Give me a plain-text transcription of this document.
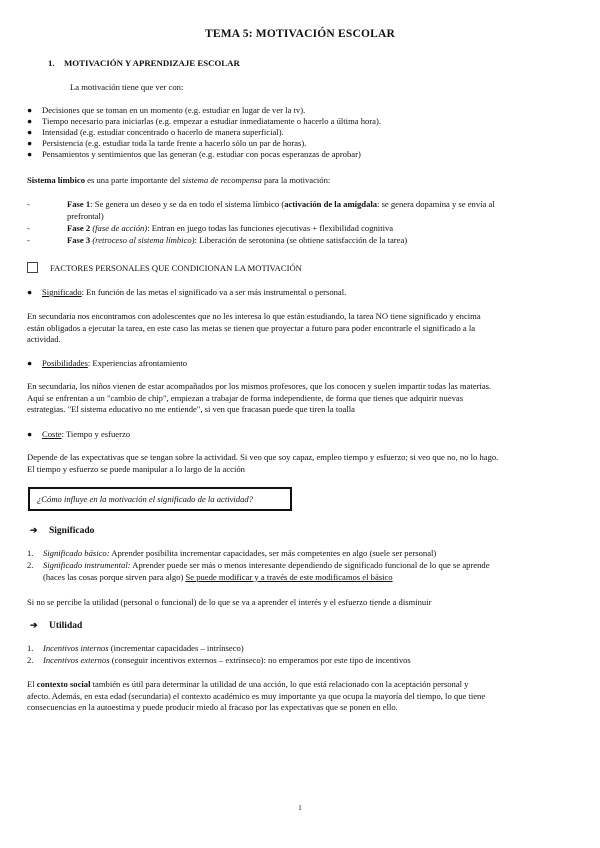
TEMA 5: MOTIVACIÓN ESCOLAR
1. MOTIVACIÓN Y APRENDIZAJE ESCOLAR
La motivación tiene que ver con:
● Decisiones que se toman en un momento (e.g. estudiar en lugar de ver la tv).
● Tiempo necesario para iniciarlas (e.g. empezar a estudiar inmediatamente o hacerlo a última hora).
● Intensidad (e.g. estudiar concentrado o hacerlo de manera superficial).
● Persistencia (e.g. estudiar toda la tarde frente a hacerlo sólo un par de horas).
● Pensamientos y sentimientos que las generan (e.g. estudiar con pocas esperanzas de aprobar)
Sistema límbico es una parte importante del sistema de recompensa para la motivación:
-	Fase 1: Se genera un deseo y se da en todo el sistema límbico (activación de la amígdala: se genera dopamina y se envía al
prefrontal)
-	Fase 2 (fase de acción): Entran en juego todas las funciones ejecutivas + flexibilidad cognitiva
-	Fase 3 (retroceso al sistema límbico): Liberación de serotonina (se obtiene satisfacción de la tarea)
FACTORES PERSONALES QUE CONDICIONAN LA MOTIVACIÓN
● Significado: En función de las metas el significado va a ser más instrumental o personal.
En secundaria nos encontramos con adolescentes que no les interesa lo que están estudiando, la tarea NO tiene significado y encima
están obligados a ejecutar la tarea, en este caso las metas se tienen que proyectar a futuro para poder encontrarle el significado a la
actividad.
● Posibilidades: Experiencias afrontamiento
En secundaria, los niños vienen de estar acompañados por los mismos profesores, que los conocen y suelen impartir todas las materias.
Aquí se enfrentan a un "cambio de chip", empiezan a trabajar de forma independiente, de forma que tienes que adquirir nuevas
estrategias. "El sistema educativo no me entiende", si ven que fracasan puede que tiren la toalla
● Coste: Tiempo y esfuerzo
Depende de las expectativas que se tengan sobre la actividad. Si veo que soy capaz, empleo tiempo y esfuerzo; si veo que no, no lo hago.
El tiempo y esfuerzo se puede manipular a lo largo de la acción
¿Cómo influye en la motivación el significado de la actividad?
➔ Significado
1. Significado básico: Aprender posibilita incrementar capacidades, ser más competentes en algo (suele ser personal)
2. Significado instrumental: Aprender puede ser más o menos interesante dependiendo de significado funcional de lo que se aprende
(haces las cosas porque sirven para algo) Se puede modificar y a través de este modificamos el básico
Si no se percibe la utilidad (personal o funcional) de lo que se va a aprender el interés y el esfuerzo tiende a disminuir
➔ Utilidad
1. Incentivos internos (incrementar capacidades – intrínseco)
2. Incentivos externos (conseguir incentivos externos – extrínseco): no emperamos por este tipo de incentivos
El contexto social también es útil para determinar la utilidad de una acción, lo que está relacionado con la aceptación personal y
afecto. Además, en esta edad (secundaria) el contexto académico es muy importante ya que ocupa la mayoría del tiempo, lo que tiene
consecuencias en la autoestima y puede producir miedo al fracaso por las expectativas que se ponen en ello.
1
